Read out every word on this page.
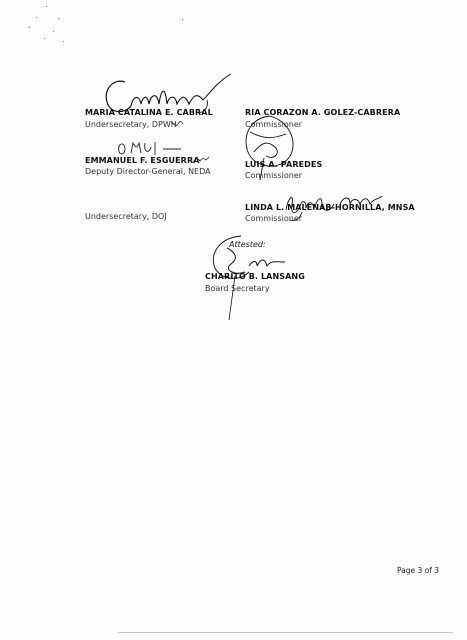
MARIA CATALINA E. CABRAL
Undersecretary, DPWH
EMMANUEL F. ESGUERRA
Deputy Director-General, NEDA
Undersecretary, DOJ
RIA CORAZON A. GOLEZ-CABRERA
Commissioner
LUIS A. PAREDES
Commissioner
LINDA L. MALENAB-HORNILLA, MNSA
Commissioner
Attested:
CHARITO B. LANSANG
Board Secretary
Page 3 of 3
